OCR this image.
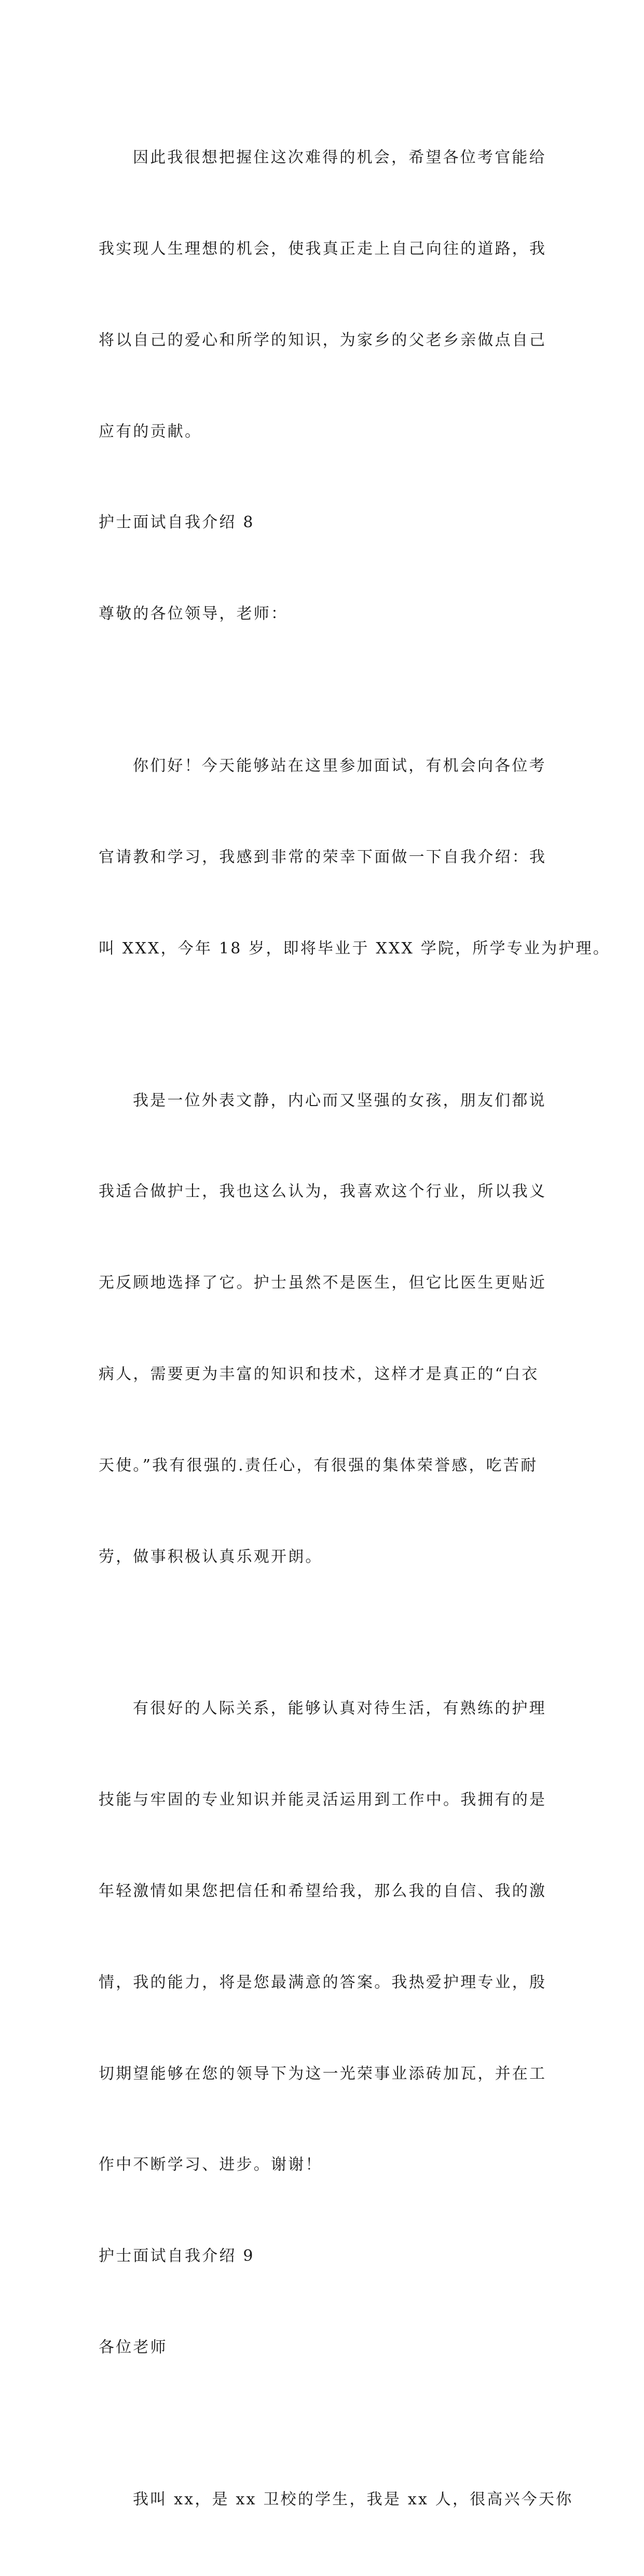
因此我很想把握住这次难得的机会，希望各位考官能给

我实现人生理想的机会，使我真正走上自己向往的道路，我

将以自己的爱心和所学的知识，为家乡的父老乡亲做点自己

应有的贡献。

护士面试自我介绍 8

尊敬的各位领导，老师：

你们好！今天能够站在这里参加面试，有机会向各位考

官请教和学习，我感到非常的荣幸下面做一下自我介绍：我

叫 XXX，今年 18 岁，即将毕业于 XXX 学院，所学专业为护理。

我是一位外表文静，内心而又坚强的女孩，朋友们都说

我适合做护士，我也这么认为，我喜欢这个行业，所以我义

无反顾地选择了它。护士虽然不是医生，但它比医生更贴近

病人，需要更为丰富的知识和技术，这样才是真正的“白衣

天使。”我有很强的.责任心，有很强的集体荣誉感，吃苦耐

劳，做事积极认真乐观开朗。

有很好的人际关系，能够认真对待生活，有熟练的护理

技能与牢固的专业知识并能灵活运用到工作中。我拥有的是

年轻激情如果您把信任和希望给我，那么我的自信、我的激

情，我的能力，将是您最满意的答案。我热爱护理专业，殷

切期望能够在您的领导下为这一光荣事业添砖加瓦，并在工

作中不断学习、进步。谢谢！

护士面试自我介绍 9

各位老师

我叫 xx，是 xx 卫校的学生，我是 xx 人，很高兴今天你
